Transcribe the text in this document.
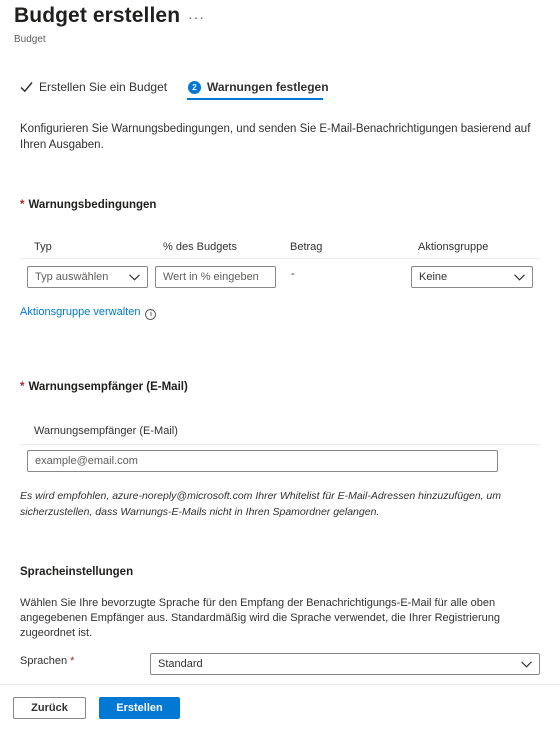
Budget erstellen ···
Budget
Erstellen Sie ein Budget	2 Warnungen festlegen
Konfigurieren Sie Warnungsbedingungen, und senden Sie E-Mail-Benachrichtigungen basierend auf Ihren Ausgaben.
* Warnungsbedingungen
Typ	% des Budgets	Betrag	Aktionsgruppe
Typ auswählen	Wert in % eingeben	-	Keine
Aktionsgruppe verwalten i
* Warnungsempfänger (E-Mail)
Warnungsempfänger (E-Mail)
example@email.com
Es wird empfohlen, azure-noreply@microsoft.com Ihrer Whitelist für E-Mail-Adressen hinzuzufügen, um sicherzustellen, dass Warnungs-E-Mails nicht in Ihren Spamordner gelangen.
Spracheinstellungen
Wählen Sie Ihre bevorzugte Sprache für den Empfang der Benachrichtigungs-E-Mail für alle oben angegebenen Empfänger aus. Standardmäßig wird die Sprache verwendet, die Ihrer Registrierung zugeordnet ist.
Sprachen *	Standard
Zurück	Erstellen
